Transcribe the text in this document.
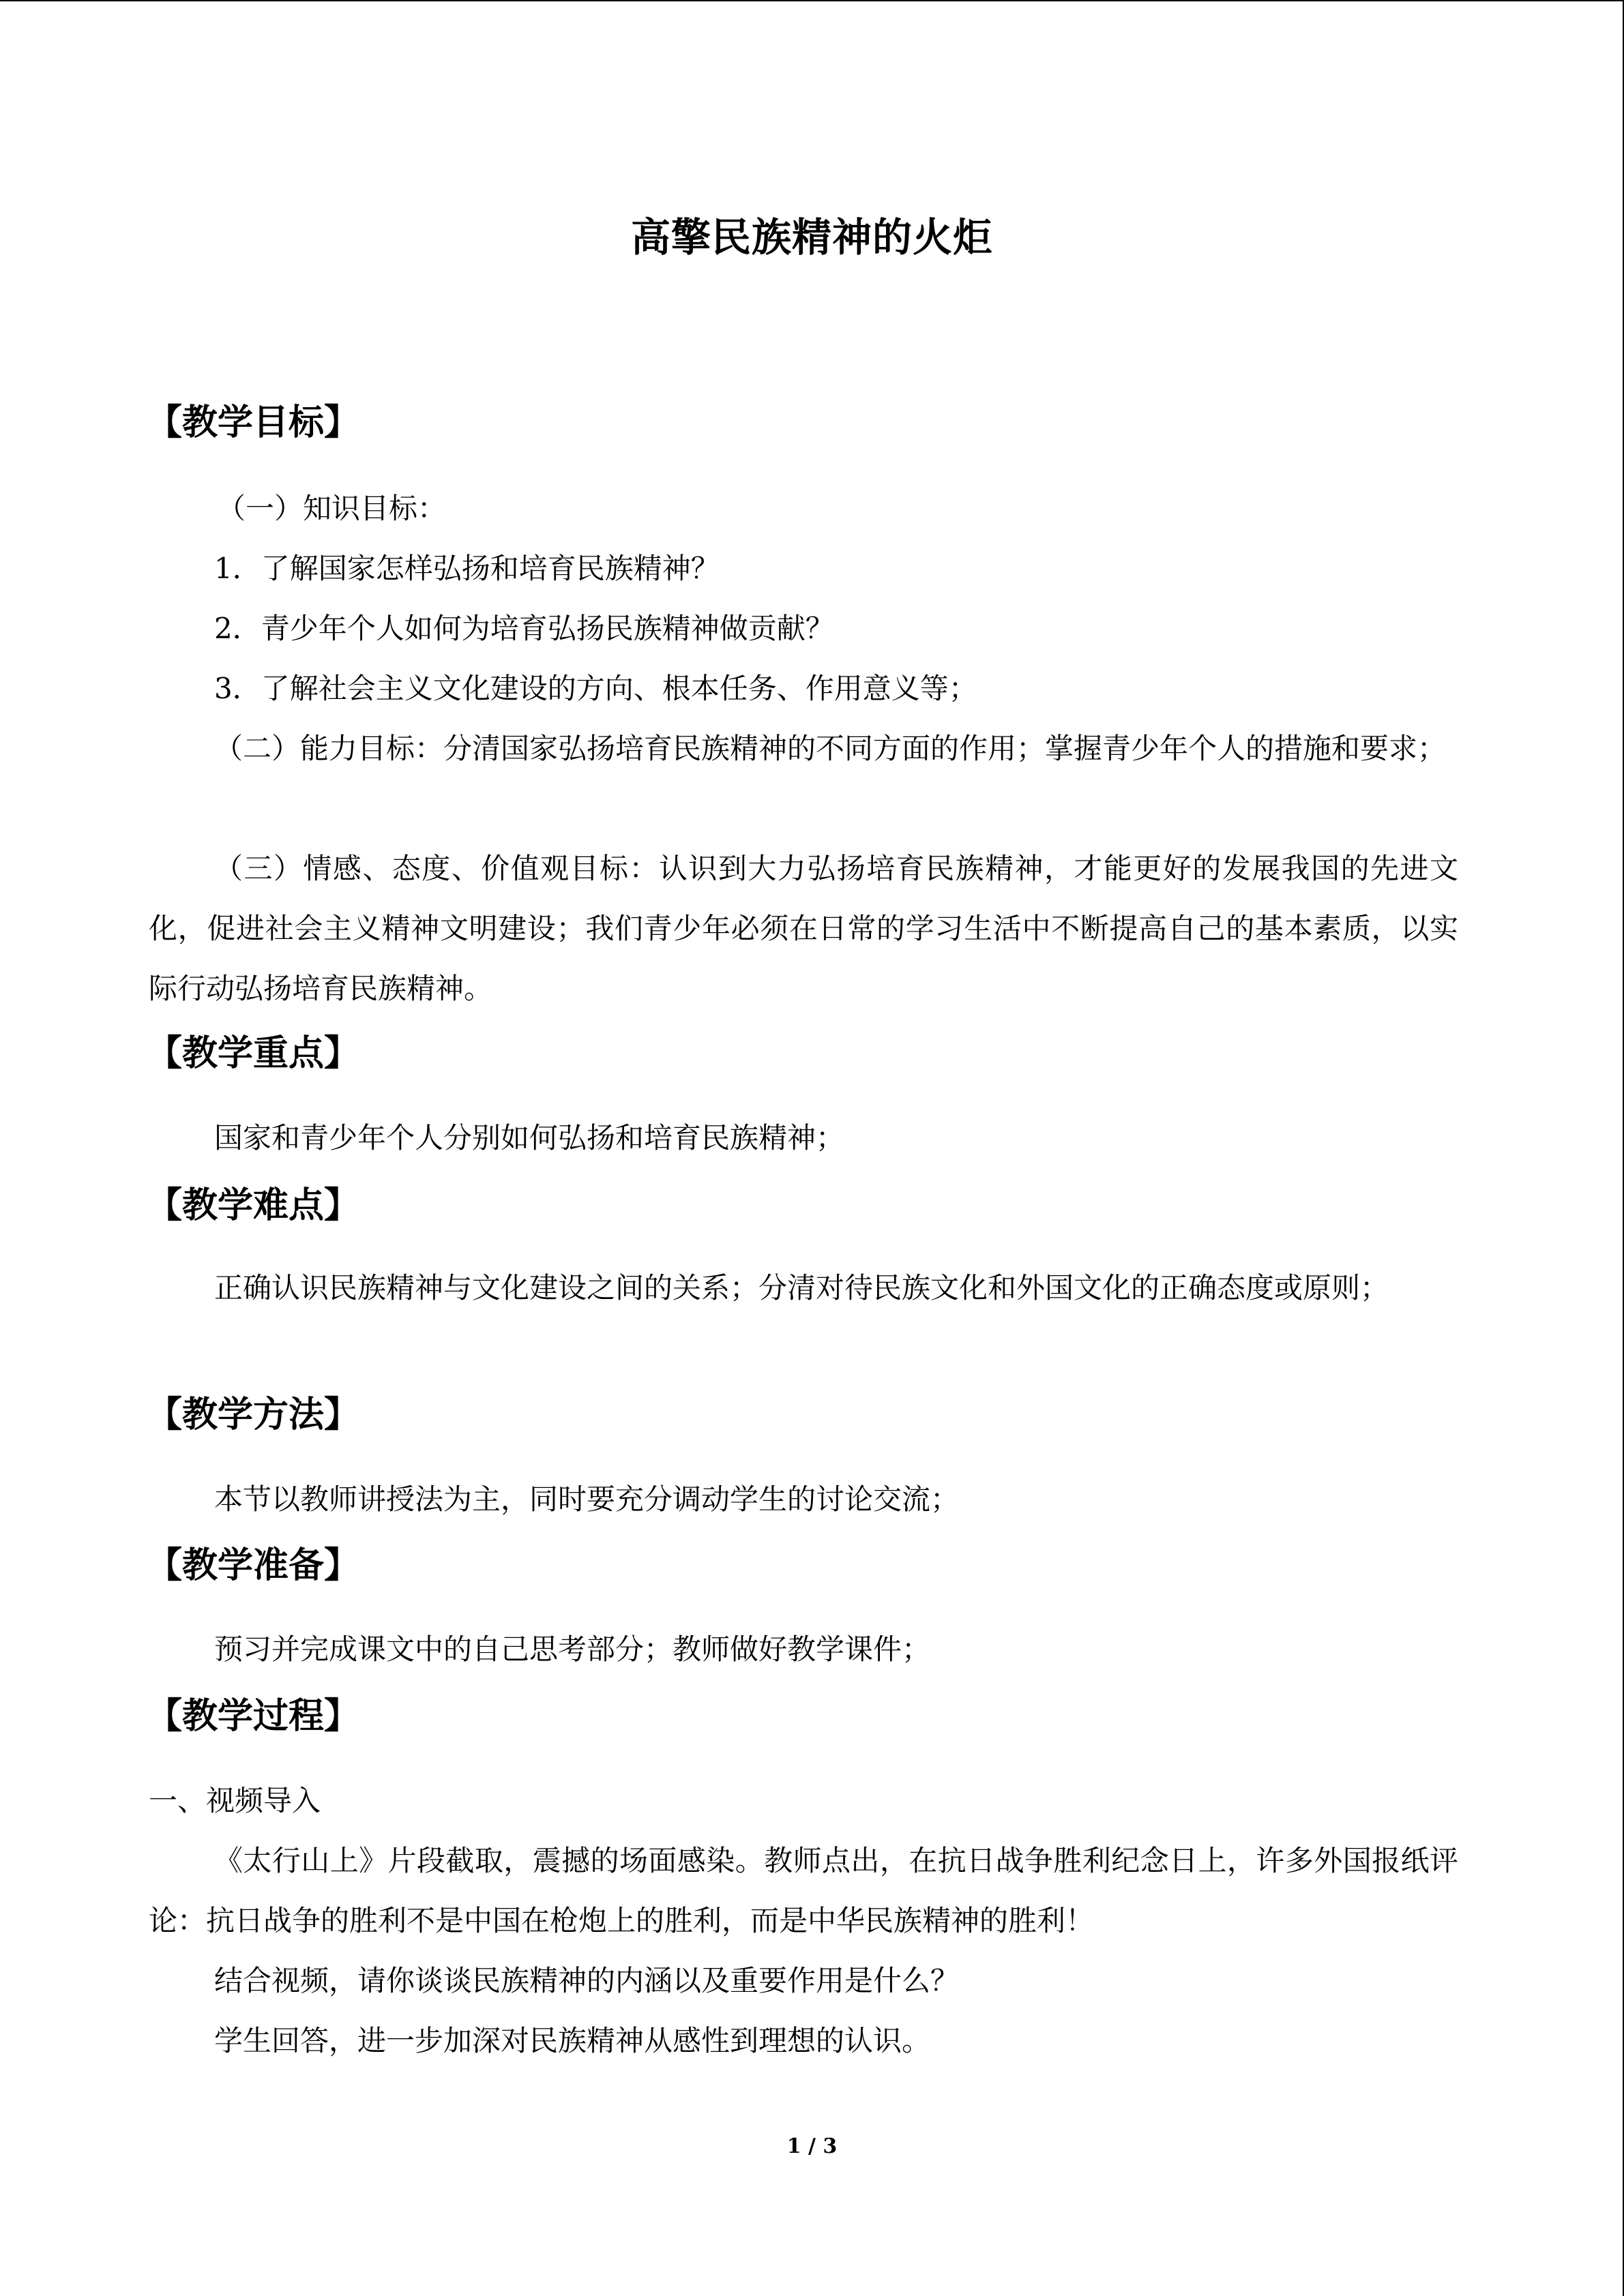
高擎民族精神的火炬
【教学目标】
（一）知识目标：
1．了解国家怎样弘扬和培育民族精神？
2．青少年个人如何为培育弘扬民族精神做贡献？
3．了解社会主义文化建设的方向、根本任务、作用意义等；
（二）能力目标：分清国家弘扬培育民族精神的不同方面的作用；掌握青少年个人的措施和要求；
（三）情感、态度、价值观目标：认识到大力弘扬培育民族精神，才能更好的发展我国的先进文化，促进社会主义精神文明建设；我们青少年必须在日常的学习生活中不断提高自己的基本素质，以实际行动弘扬培育民族精神。
【教学重点】
国家和青少年个人分别如何弘扬和培育民族精神；
【教学难点】
正确认识民族精神与文化建设之间的关系；分清对待民族文化和外国文化的正确态度或原则；
【教学方法】
本节以教师讲授法为主，同时要充分调动学生的讨论交流；
【教学准备】
预习并完成课文中的自己思考部分；教师做好教学课件；
【教学过程】
一、视频导入
《太行山上》片段截取，震撼的场面感染。教师点出，在抗日战争胜利纪念日上，许多外国报纸评论：抗日战争的胜利不是中国在枪炮上的胜利，而是中华民族精神的胜利！
结合视频，请你谈谈民族精神的内涵以及重要作用是什么？
学生回答，进一步加深对民族精神从感性到理想的认识。
1 / 3
